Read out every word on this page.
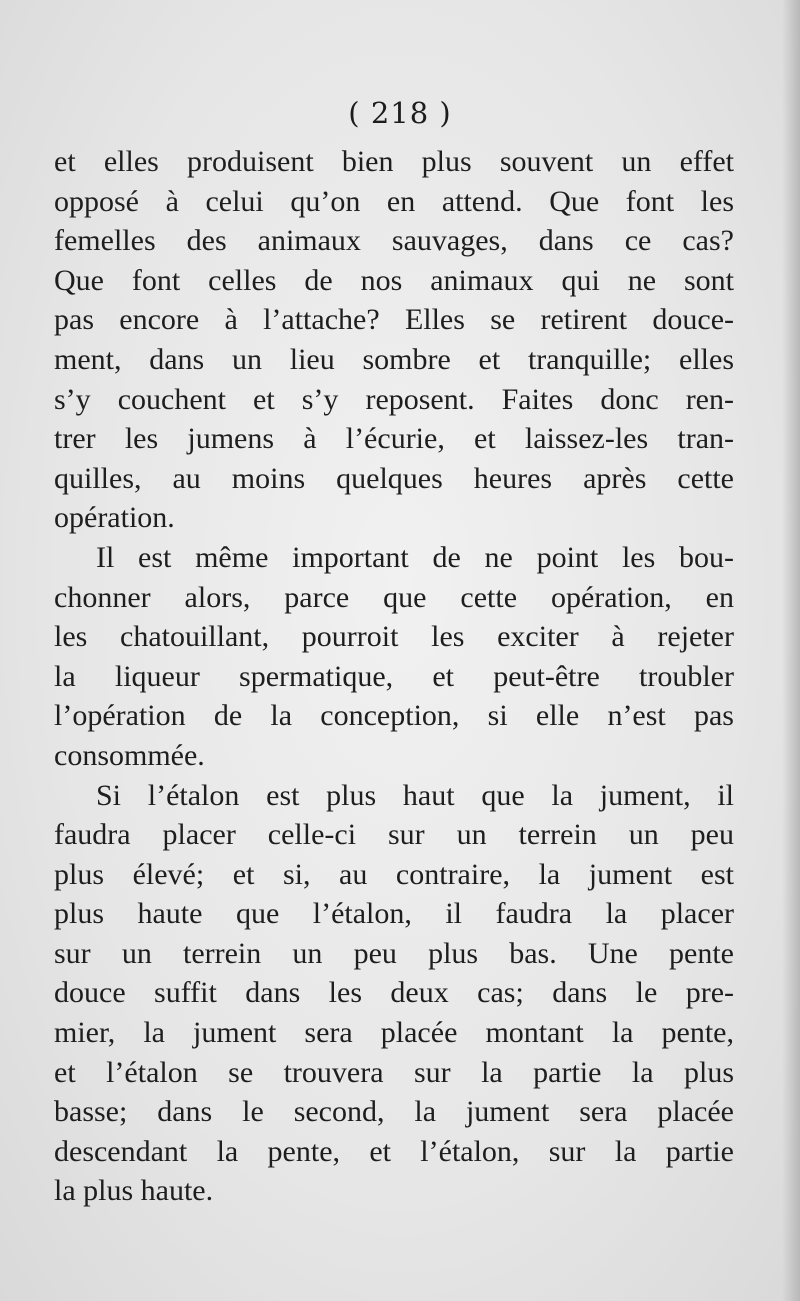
( 218 )

et elles produisent bien plus souvent un effet
opposé à celui qu’on en attend. Que font les
femelles des animaux sauvages, dans ce cas?
Que font celles de nos animaux qui ne sont
pas encore à l’attache? Elles se retirent douce-
ment, dans un lieu sombre et tranquille; elles
s’y couchent et s’y reposent. Faites donc ren-
trer les jumens à l’écurie, et laissez-les tran-
quilles, au moins quelques heures après cette
opération.

Il est même important de ne point les bou-
chonner alors, parce que cette opération, en
les chatouillant, pourroit les exciter à rejeter
la liqueur spermatique, et peut-être troubler
l’opération de la conception, si elle n’est pas
consommée.

Si l’étalon est plus haut que la jument, il
faudra placer celle-ci sur un terrein un peu
plus élevé; et si, au contraire, la jument est
plus haute que l’étalon, il faudra la placer
sur un terrein un peu plus bas. Une pente
douce suffit dans les deux cas; dans le pre-
mier, la jument sera placée montant la pente,
et l’étalon se trouvera sur la partie la plus
basse; dans le second, la jument sera placée
descendant la pente, et l’étalon, sur la partie
la plus haute.
